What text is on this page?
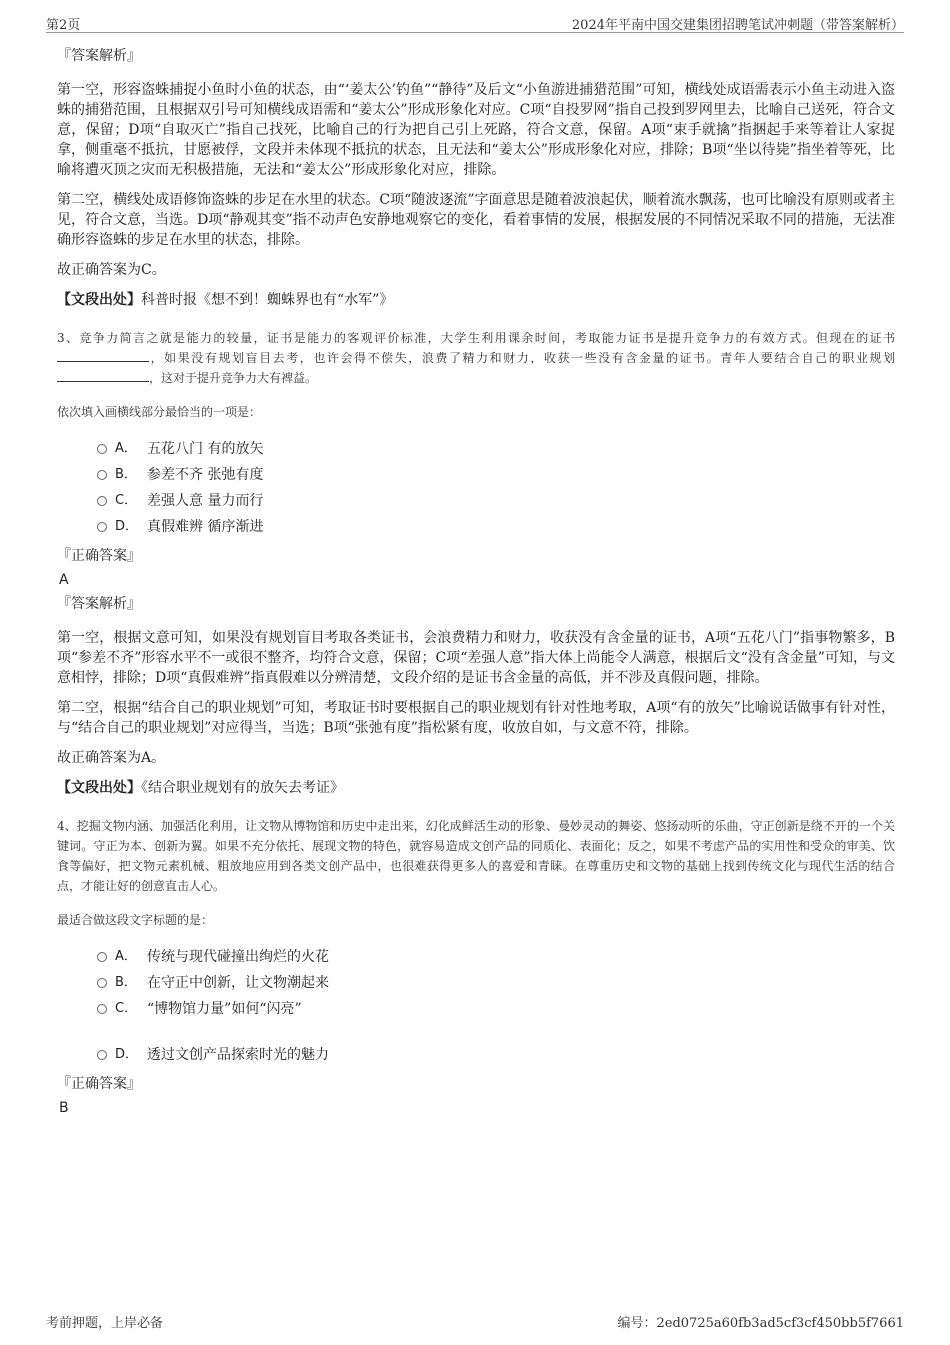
第2页	2024年平南中国交建集团招聘笔试冲刺题（带答案解析）
『答案解析』

第一空，形容盗蛛捕捉小鱼时小鱼的状态，由“‘姜太公’钓鱼”“静待”及后文“小鱼游进捕猎范围”可知，横线处成语需表示小鱼主动进入盗蛛的捕猎范围，且根据双引号可知横线成语需和“姜太公”形成形象化对应。C项“自投罗网”指自己投到罗网里去，比喻自己送死，符合文意，保留；D项“自取灭亡”指自己找死，比喻自己的行为把自己引上死路，符合文意，保留。A项“束手就擒”指捆起手来等着让人家捉拿，侧重毫不抵抗，甘愿被俘，文段并未体现不抵抗的状态，且无法和“姜太公”形成形象化对应，排除；B项“坐以待毙”指坐着等死，比喻将遭灭顶之灾而无积极措施，无法和“姜太公”形成形象化对应，排除。

第二空，横线处成语修饰盗蛛的步足在水里的状态。C项“随波逐流”字面意思是随着波浪起伏，顺着流水飘荡，也可比喻没有原则或者主见，符合文意，当选。D项“静观其变”指不动声色安静地观察它的变化，看着事情的发展，根据发展的不同情况采取不同的措施，无法准确形容盗蛛的步足在水里的状态，排除。

故正确答案为C。

【文段出处】科普时报《想不到！蜘蛛界也有“水军”》

3、竞争力简言之就是能力的较量，证书是能力的客观评价标准，大学生利用课余时间，考取能力证书是提升竞争力的有效方式。但现在的证书，如果没有规划盲目去考，也许会得不偿失，浪费了精力和财力，收获一些没有含金量的证书。青年人要结合自己的职业规划，这对于提升竞争力大有裨益。

依次填入画横线部分最恰当的一项是：

A． 五花八门 有的放矢
B． 参差不齐 张弛有度
C． 差强人意 量力而行
D． 真假难辨 循序渐进
『正确答案』
A
『答案解析』

第一空，根据文意可知，如果没有规划盲目考取各类证书，会浪费精力和财力，收获没有含金量的证书，A项“五花八门”指事物繁多，B项“参差不齐”形容水平不一或很不整齐，均符合文意，保留；C项“差强人意”指大体上尚能令人满意，根据后文“没有含金量”可知，与文意相悖，排除；D项“真假难辨”指真假难以分辨清楚，文段介绍的是证书含金量的高低，并不涉及真假问题，排除。

第二空，根据“结合自己的职业规划”可知，考取证书时要根据自己的职业规划有针对性地考取，A项“有的放矢”比喻说话做事有针对性，与“结合自己的职业规划”对应得当，当选；B项“张弛有度”指松紧有度，收放自如，与文意不符，排除。

故正确答案为A。

【文段出处】《结合职业规划有的放矢去考证》

4、挖掘文物内涵、加强活化利用，让文物从博物馆和历史中走出来，幻化成鲜活生动的形象、曼妙灵动的舞姿、悠扬动听的乐曲，守正创新是绕不开的一个关键词。守正为本、创新为翼。如果不充分依托、展现文物的特色，就容易造成文创产品的同质化、表面化；反之，如果不考虑产品的实用性和受众的审美、饮食等偏好，把文物元素机械、粗放地应用到各类文创产品中，也很难获得更多人的喜爱和青睐。在尊重历史和文物的基础上找到传统文化与现代生活的结合点，才能让好的创意直击人心。

最适合做这段文字标题的是：

A． 传统与现代碰撞出绚烂的火花
B． 在守正中创新，让文物潮起来
C． “博物馆力量”如何“闪亮”
D． 透过文创产品探索时光的魅力
『正确答案』
B
考前押题，上岸必备	编号：2ed0725a60fb3ad5cf3cf450bb5f7661
